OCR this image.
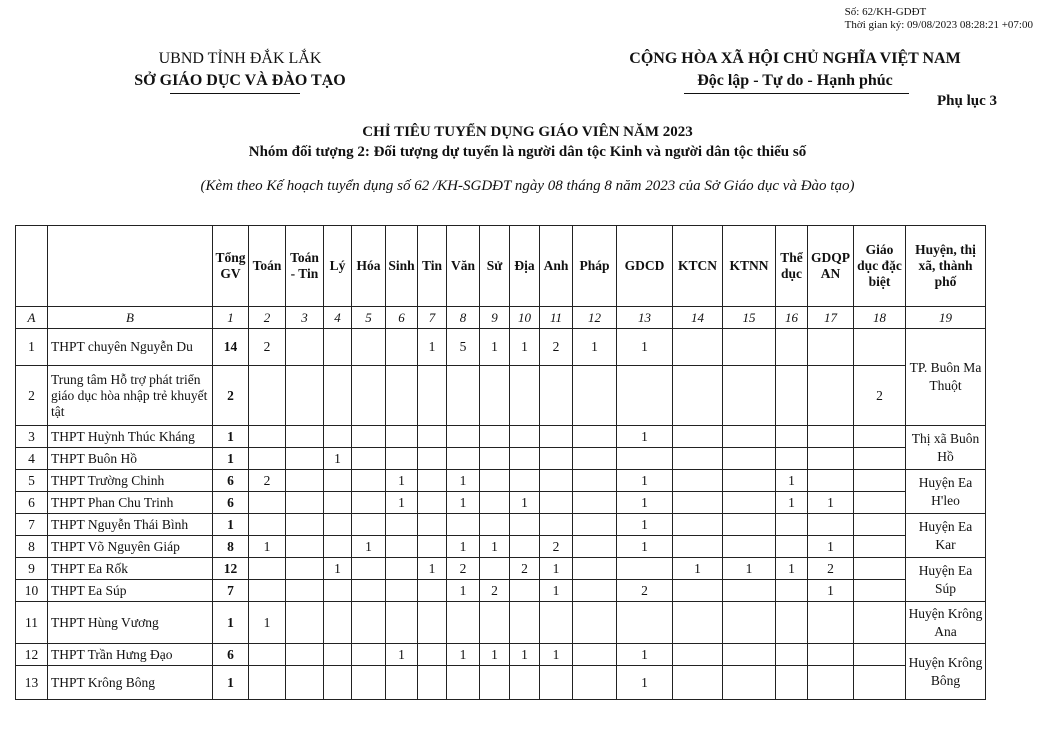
Số: 62/KH-GDĐT
Thời gian ký: 09/08/2023 08:28:21 +07:00
UBND TỈNH ĐẮK LẮK
SỞ GIÁO DỤC VÀ ĐÀO TẠO
CỘNG HÒA XÃ HỘI CHỦ NGHĨA VIỆT NAM
Độc lập - Tự do - Hạnh phúc
Phụ lục 3
CHỈ TIÊU TUYỂN DỤNG GIÁO VIÊN NĂM 2023
Nhóm đối tượng 2: Đối tượng dự tuyển là người dân tộc Kinh và người dân tộc thiểu số
(Kèm theo Kế hoạch tuyển dụng số 62 /KH-SGDĐT ngày 08 tháng 8 năm 2023 của Sở Giáo dục và Đào tạo)
		Tổng GV	Toán	Toán - Tin	Lý	Hóa	Sinh	Tin	Văn	Sử	Địa	Anh	Pháp	GDCD	KTCN	KTNN	Thể dục	GDQP AN	Giáo dục đặc biệt	Huyện, thị xã, thành phố
A	B	1	2	3	4	5	6	7	8	9	10	11	12	13	14	15	16	17	18	19
1	THPT chuyên Nguyễn Du	14	2					1	5	1	1	2	1	1						TP. Buôn Ma Thuột
2	Trung tâm Hỗ trợ phát triển giáo dục hòa nhập trẻ khuyết tật	2																	2	
3	THPT Huỳnh Thúc Kháng	1												1						Thị xã Buôn Hồ
4	THPT Buôn Hồ	1			1															
5	THPT Trường Chinh	6	2				1		1					1			1			Huyện Ea H'leo
6	THPT Phan Chu Trinh	6					1		1		1			1			1	1		
7	THPT Nguyễn Thái Bình	1												1						Huyện Ea Kar
8	THPT Võ Nguyên Giáp	8	1			1			1	1		2		1				1		
9	THPT Ea Rốk	12			1			1	2		2	1			1	1	1	2		Huyện Ea Súp
10	THPT Ea Súp	7							1	2		1		2				1		
11	THPT Hùng Vương	1	1																	Huyện Krông Ana
12	THPT Trần Hưng Đạo	6					1		1	1	1	1		1						Huyện Krông Bông
13	THPT Krông Bông	1												1						
